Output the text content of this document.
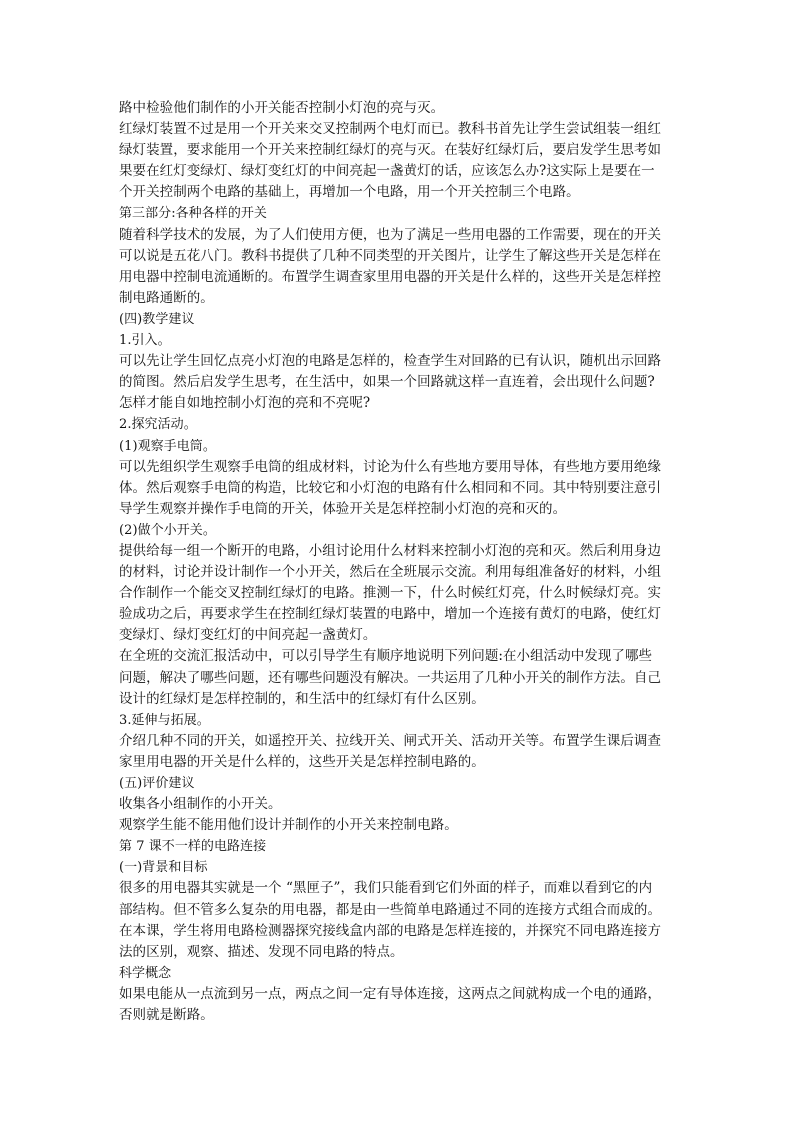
路中检验他们制作的小开关能否控制小灯泡的亮与灭。
红绿灯装置不过是用一个开关来交叉控制两个电灯而已。教科书首先让学生尝试组装一组红
绿灯装置，要求能用一个开关来控制红绿灯的亮与灭。在装好红绿灯后，要启发学生思考如
果要在红灯变绿灯、绿灯变红灯的中间亮起一盏黄灯的话，应该怎么办?这实际上是要在一
个开关控制两个电路的基础上，再增加一个电路，用一个开关控制三个电路。
第三部分:各种各样的开关
随着科学技术的发展，为了人们使用方便，也为了满足一些用电器的工作需要，现在的开关
可以说是五花八门。教科书提供了几种不同类型的开关图片，让学生了解这些开关是怎样在
用电器中控制电流通断的。布置学生调查家里用电器的开关是什么样的，这些开关是怎样控
制电路通断的。
(四)教学建议
1.引入。
可以先让学生回忆点亮小灯泡的电路是怎样的，检查学生对回路的已有认识，随机出示回路
的简图。然后启发学生思考，在生活中，如果一个回路就这样一直连着，会出现什么问题?
怎样才能自如地控制小灯泡的亮和不亮呢?
2.探究活动。
(1)观察手电筒。
可以先组织学生观察手电筒的组成材料，讨论为什么有些地方要用导体，有些地方要用绝缘
体。然后观察手电筒的构造，比较它和小灯泡的电路有什么相同和不同。其中特别要注意引
导学生观察并操作手电筒的开关，体验开关是怎样控制小灯泡的亮和灭的。
(2)做个小开关。
提供给每一组一个断开的电路，小组讨论用什么材料来控制小灯泡的亮和灭。然后利用身边
的材料，讨论并设计制作一个小开关，然后在全班展示交流。利用每组准备好的材料，小组
合作制作一个能交叉控制红绿灯的电路。推测一下，什么时候红灯亮，什么时候绿灯亮。实
验成功之后，再要求学生在控制红绿灯装置的电路中，增加一个连接有黄灯的电路，使红灯
变绿灯、绿灯变红灯的中间亮起一盏黄灯。
在全班的交流汇报活动中，可以引导学生有顺序地说明下列问题:在小组活动中发现了哪些
问题，解决了哪些问题，还有哪些问题没有解决。一共运用了几种小开关的制作方法。自己
设计的红绿灯是怎样控制的，和生活中的红绿灯有什么区别。
3.延伸与拓展。
介绍几种不同的开关，如遥控开关、拉线开关、闸式开关、活动开关等。布置学生课后调查
家里用电器的开关是什么样的，这些开关是怎样控制电路的。
(五)评价建议
收集各小组制作的小开关。
观察学生能不能用他们设计并制作的小开关来控制电路。
第 7 课不一样的电路连接
(一)背景和目标
很多的用电器其实就是一个 “黑匣子”，我们只能看到它们外面的样子，而难以看到它的内
部结构。但不管多么复杂的用电器，都是由一些简单电路通过不同的连接方式组合而成的。
在本课，学生将用电路检测器探究接线盒内部的电路是怎样连接的，并探究不同电路连接方
法的区别，观察、描述、发现不同电路的特点。
科学概念
如果电能从一点流到另一点，两点之间一定有导体连接，这两点之间就构成一个电的通路，
否则就是断路。
